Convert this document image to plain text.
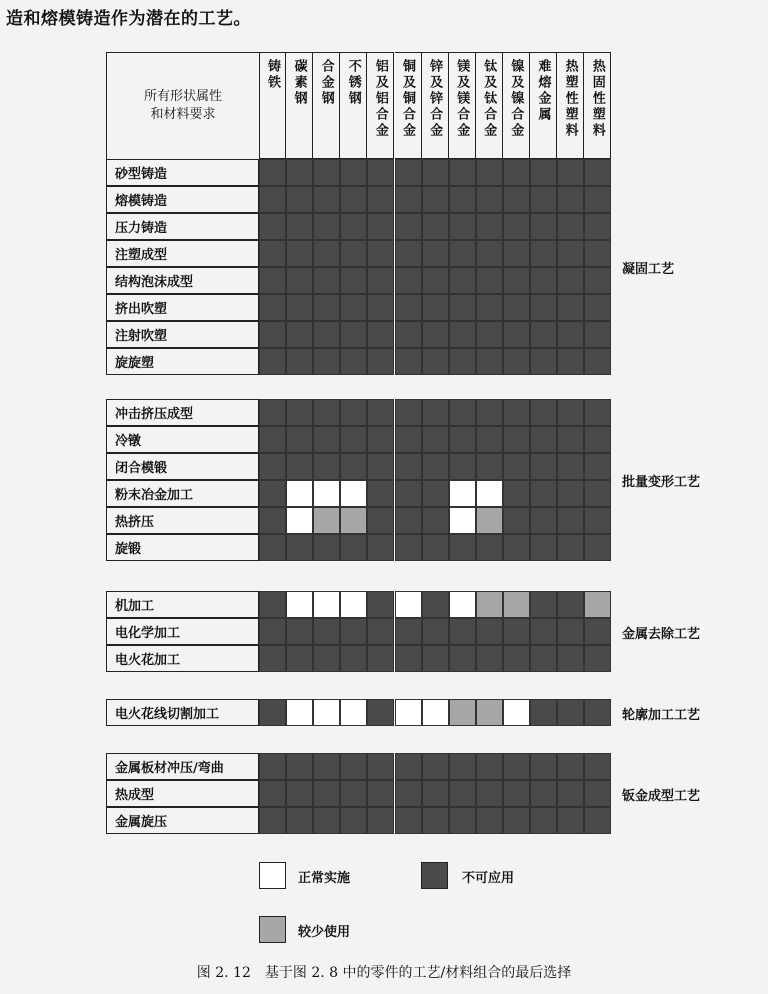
造和熔模铸造作为潜在的工艺。
所有形状属性
和材料要求
铸铁 碳素钢 合金钢 不锈钢 铝及铝合金 铜及铜合金 锌及锌合金 镁及镁合金 钛及钛合金 镍及镍合金 难熔金属 热塑性塑料 热固性塑料
砂型铸造
熔模铸造
压力铸造
注塑成型
结构泡沫成型
挤出吹塑
注射吹塑
旋旋塑
凝固工艺
冲击挤压成型
冷镦
闭合模锻
粉末冶金加工
热挤压
旋锻
批量变形工艺
机加工
电化学加工
电火花加工
金属去除工艺
电火花线切割加工	轮廓加工工艺
金属板材冲压/弯曲
热成型
金属旋压
钣金成型工艺
正常实施	不可应用
较少使用
图 2. 12　基于图 2. 8 中的零件的工艺/材料组合的最后选择
